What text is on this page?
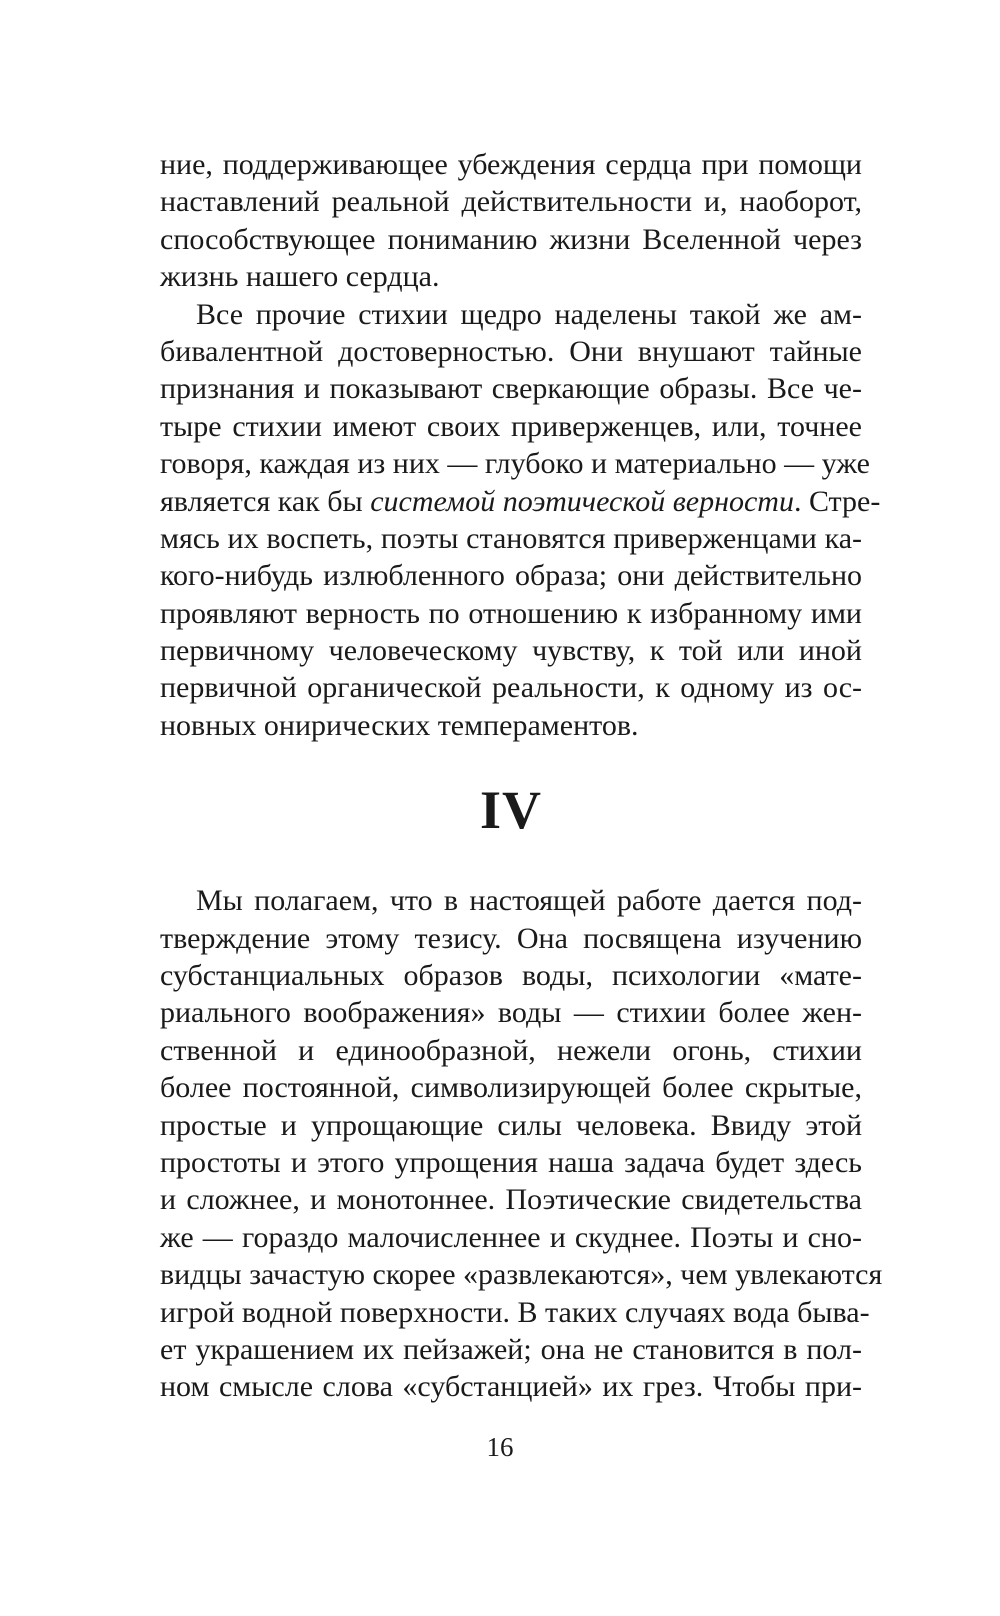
ние, поддерживающее убеждения сердца при помощи
наставлений реальной действительности и, наоборот,
способствующее пониманию жизни Вселенной через
жизнь нашего сердца.
Все прочие стихии щедро наделены такой же ам-
бивалентной достоверностью. Они внушают тайные
признания и показывают сверкающие образы. Все че-
тыре стихии имеют своих приверженцев, или, точнее
говоря, каждая из них — глубоко и материально — уже
является как бы системой поэтической верности. Стре-
мясь их воспеть, поэты становятся приверженцами ка-
кого-нибудь излюбленного образа; они действительно
проявляют верность по отношению к избранному ими
первичному человеческому чувству, к той или иной
первичной органической реальности, к одному из ос-
новных онирических темпераментов.
IV
Мы полагаем, что в настоящей работе дается под-
тверждение этому тезису. Она посвящена изучению
субстанциальных образов воды, психологии «мате-
риального воображения» воды — стихии более жен-
ственной и единообразной, нежели огонь, стихии
более постоянной, символизирующей более скрытые,
простые и упрощающие силы человека. Ввиду этой
простоты и этого упрощения наша задача будет здесь
и сложнее, и монотоннее. Поэтические свидетельства
же — гораздо малочисленнее и скуднее. Поэты и сно-
видцы зачастую скорее «развлекаются», чем увлекаются
игрой водной поверхности. В таких случаях вода быва-
ет украшением их пейзажей; она не становится в пол-
ном смысле слова «субстанцией» их грез. Чтобы при-
16
